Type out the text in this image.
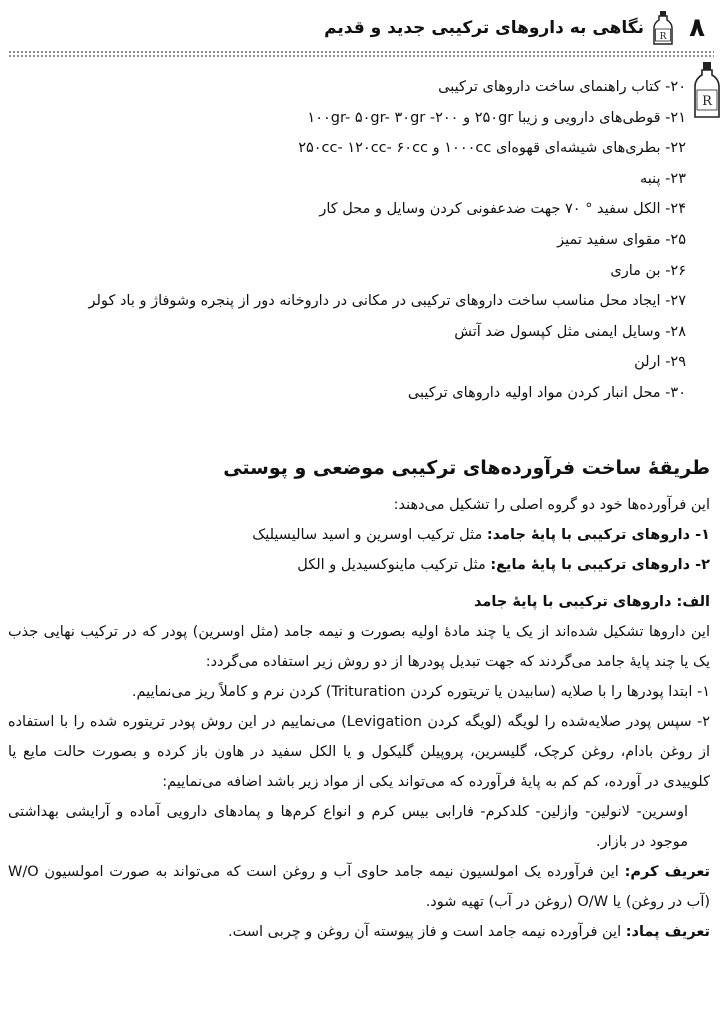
۸
R
نگاهی به داروهای ترکیبی جدید و قدیم
R
۲۰- کتاب راهنمای ساخت داروهای ترکیبی
۲۱- قوطی‌های دارویی و زیبا ۲۵۰gr و ۲۰۰- ۱۰۰gr- ۵۰gr- ۳۰gr
۲۲- بطری‌های شیشه‌ای قهوه‌ای ۱۰۰۰cc و ۲۵۰cc- ۱۲۰cc- ۶۰cc
۲۳- پنبه
۲۴- الکل سفید ° ۷۰ جهت ضدعفونی کردن وسایل و محل کار
۲۵- مقوای سفید تمیز
۲۶- بن ماری
۲۷- ایجاد محل مناسب ساخت داروهای ترکیبی در مکانی در داروخانه دور از پنجره وشوفاژ و باد کولر
۲۸- وسایل ایمنی مثل کپسول ضد آتش
۲۹- ارلن
۳۰- محل انبار کردن مواد اولیه داروهای ترکیبی
طریقۀ ساخت فرآورده‌های ترکیبی موضعی و پوستی
این فرآورده‌ها خود دو گروه اصلی را تشکیل می‌دهند:
۱- داروهای ترکیبی با پایۀ جامد: مثل ترکیب اوسرین و اسید سالیسیلیک
۲- داروهای ترکیبی با پایۀ مایع: مثل ترکیب ماینوکسیدیل و الکل
الف: داروهای ترکیبی با پایۀ جامد
این داروها تشکیل شده‌اند از یک یا چند مادۀ اولیه بصورت و نیمه جامد (مثل اوسرین) پودر که در ترکیب نهایی جذب یک یا چند پایۀ جامد می‌گردند که جهت تبدیل پودرها از دو روش زیر استفاده می‌گردد:
۱- ابتدا پودرها را با صلایه (سابیدن یا تریتوره کردن Trituration) کردن نرم و کاملاً ریز می‌نماییم.
۲- سپس پودر صلایه‌شده را لویگه (لویگه کردن Levigation) می‌نماییم در این روش پودر تریتوره شده را با استفاده از روغن بادام، روغن کرچک، گلیسرین، پروپیلن گلیکول و یا الکل سفید در هاون باز کرده و بصورت حالت مایع یا کلوییدی در آورده، کم کم به پایۀ فرآورده که می‌تواند یکی از مواد زیر باشد اضافه می‌نماییم:
اوسرین- لانولین- وازلین- کلدکرم- فارابی بیس کرم و انواع کرم‌ها و پمادهای دارویی آماده و آرایشی بهداشتی موجود در بازار.
تعریف کرم: این فرآورده یک امولسیون نیمه جامد حاوی آب و روغن است که می‌تواند به صورت امولسیون W/O (آب در روغن) یا O/W (روغن در آب) تهیه شود.
تعریف پماد: این فرآورده نیمه جامد است و فاز پیوسته آن روغن و چربی است.
